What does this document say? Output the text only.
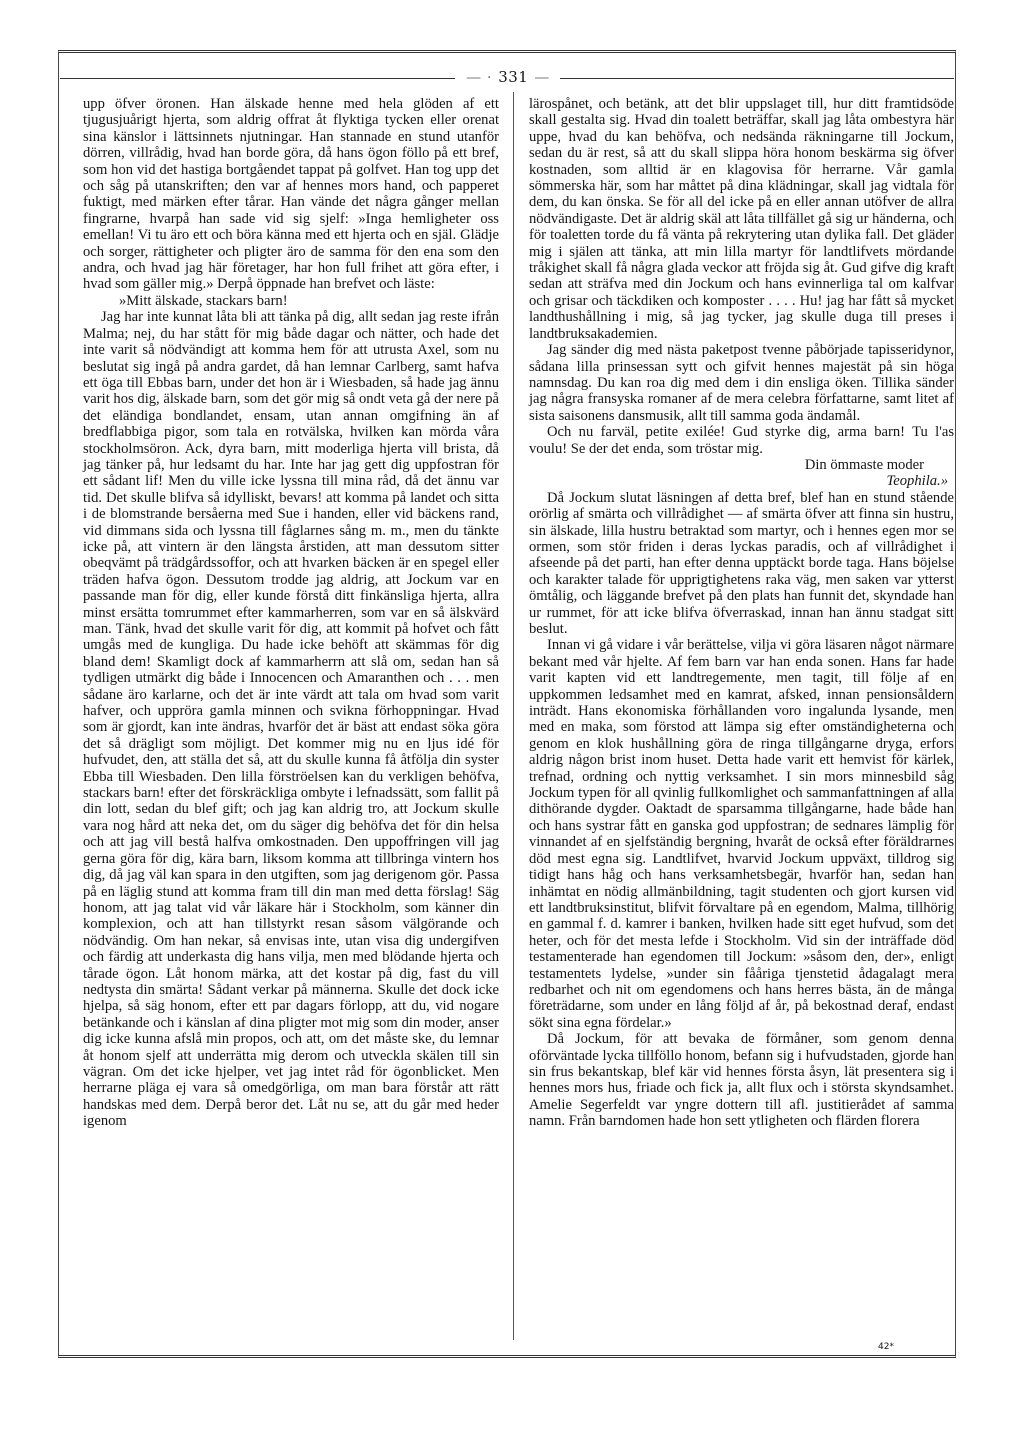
— · 331 —

upp öfver öronen. Han älskade henne med hela glöden af ett tjugusjuårigt hjerta, som aldrig offrat åt flyktiga tycken eller orenat sina känslor i lättsinnets njutningar. Han stannade en stund utanför dörren, villrådig, hvad han borde göra, då hans ögon föllo på ett bref, som hon vid det hastiga bortgåendet tappat på golfvet. Han tog upp det och såg på utanskriften; den var af hennes mors hand, och papperet fuktigt, med märken efter tårar. Han vände det några gånger mellan fingrarne, hvarpå han sade vid sig sjelf: »Inga hemligheter oss emellan! Vi tu äro ett och böra känna med ett hjerta och en själ. Glädje och sorger, rättigheter och pligter äro de samma för den ena som den andra, och hvad jag här företager, har hon full frihet att göra efter, i hvad som gäller mig.» Derpå öppnade han brefvet och läste:

»Mitt älskade, stackars barn!

Jag har inte kunnat låta bli att tänka på dig, allt sedan jag reste ifrån Malma; nej, du har stått för mig både dagar och nätter, och hade det inte varit så nödvändigt att komma hem för att utrusta Axel, som nu beslutat sig ingå på andra gardet, då han lemnar Carlberg, samt hafva ett öga till Ebbas barn, under det hon är i Wiesbaden, så hade jag ännu varit hos dig, älskade barn, som det gör mig så ondt veta gå der nere på det eländiga bondlandet, ensam, utan annan omgifning än af bredflabbiga pigor, som tala en rotvälska, hvilken kan mörda våra stockholmsöron. Ack, dyra barn, mitt moderliga hjerta vill brista, då jag tänker på, hur ledsamt du har. Inte har jag gett dig uppfostran för ett sådant lif! Men du ville icke lyssna till mina råd, då det ännu var tid. Det skulle blifva så idylliskt, bevars! att komma på landet och sitta i de blomstrande bersåerna med Sue i handen, eller vid bäckens rand, vid dimmans sida och lyssna till fåglarnes sång m. m., men du tänkte icke på, att vintern är den längsta årstiden, att man dessutom sitter obeqvämt på trädgårdssoffor, och att hvarken bäcken är en spegel eller träden hafva ögon. Dessutom trodde jag aldrig, att Jockum var en passande man för dig, eller kunde förstå ditt finkänsliga hjerta, allra minst ersätta tomrummet efter kammarherren, som var en så älskvärd man. Tänk, hvad det skulle varit för dig, att kommit på hofvet och fått umgås med de kungliga. Du hade icke behöft att skämmas för dig bland dem! Skamligt dock af kammarherrn att slå om, sedan han så tydligen utmärkt dig både i Innocencen och Amaranthen och . . . men sådane äro karlarne, och det är inte värdt att tala om hvad som varit hafver, och uppröra gamla minnen och svikna förhoppningar. Hvad som är gjordt, kan inte ändras, hvarför det är bäst att endast söka göra det så drägligt som möjligt. Det kommer mig nu en ljus idé för hufvudet, den, att ställa det så, att du skulle kunna få åtfölja din syster Ebba till Wiesbaden. Den lilla förströelsen kan du verkligen behöfva, stackars barn! efter det förskräckliga ombyte i lefnadssätt, som fallit på din lott, sedan du blef gift; och jag kan aldrig tro, att Jockum skulle vara nog hård att neka det, om du säger dig behöfva det för din helsa och att jag vill bestå halfva omkostnaden. Den uppoffringen vill jag gerna göra för dig, kära barn, liksom komma att tillbringa vintern hos dig, då jag väl kan spara in den utgiften, som jag derigenom gör. Passa på en läglig stund att komma fram till din man med detta förslag! Säg honom, att jag talat vid vår läkare här i Stockholm, som känner din komplexion, och att han tillstyrkt resan såsom välgörande och nödvändig. Om han nekar, så envisas inte, utan visa dig undergifven och färdig att underkasta dig hans vilja, men med blödande hjerta och tårade ögon. Låt honom märka, att det kostar på dig, fast du vill nedtysta din smärta! Sådant verkar på männerna. Skulle det dock icke hjelpa, så säg honom, efter ett par dagars förlopp, att du, vid nogare betänkande och i känslan af dina pligter mot mig som din moder, anser dig icke kunna afslå min propos, och att, om det måste ske, du lemnar åt honom sjelf att underrätta mig derom och utveckla skälen till sin vägran. Om det icke hjelper, vet jag intet råd för ögonblicket. Men herrarne pläga ej vara så omedgörliga, om man bara förstår att rätt handskas med dem. Derpå beror det. Låt nu se, att du går med heder igenom

lärospånet, och betänk, att det blir uppslaget till, hur ditt framtidsöde skall gestalta sig. Hvad din toalett beträffar, skall jag låta ombestyra här uppe, hvad du kan behöfva, och nedsända räkningarne till Jockum, sedan du är rest, så att du skall slippa höra honom beskärma sig öfver kostnaden, som alltid är en klagovisa för herrarne. Vår gamla sömmerska här, som har måttet på dina klädningar, skall jag vidtala för dem, du kan önska. Se för all del icke på en eller annan utöfver de allra nödvändigaste. Det är aldrig skäl att låta tillfället gå sig ur händerna, och för toaletten torde du få vänta på rekrytering utan dylika fall. Det gläder mig i själen att tänka, att min lilla martyr för landtlifvets mördande tråkighet skall få några glada veckor att fröjda sig åt. Gud gifve dig kraft sedan att sträfva med din Jockum och hans evinnerliga tal om kalfvar och grisar och täckdiken och komposter . . . . Hu! jag har fått så mycket landthushållning i mig, så jag tycker, jag skulle duga till preses i landtbruksakademien.

Jag sänder dig med nästa paketpost tvenne påbörjade tapisseridynor, sådana lilla prinsessan sytt och gifvit hennes majestät på sin höga namnsdag. Du kan roa dig med dem i din ensliga öken. Tillika sänder jag några fransyska romaner af de mera celebra författarne, samt litet af sista saisonens dansmusik, allt till samma goda ändamål.

Och nu farväl, petite exilée! Gud styrke dig, arma barn! Tu l'as voulu! Se der det enda, som tröstar mig.

Din ömmaste moder

Teophila.»

Då Jockum slutat läsningen af detta bref, blef han en stund stående orörlig af smärta och villrådighet — af smärta öfver att finna sin hustru, sin älskade, lilla hustru betraktad som martyr, och i hennes egen mor se ormen, som stör friden i deras lyckas paradis, och af villrådighet i afseende på det parti, han efter denna upptäckt borde taga. Hans böjelse och karakter talade för upprigtighetens raka väg, men saken var ytterst ömtålig, och läggande brefvet på den plats han funnit det, skyndade han ur rummet, för att icke blifva öfverraskad, innan han ännu stadgat sitt beslut.

Innan vi gå vidare i vår berättelse, vilja vi göra läsaren något närmare bekant med vår hjelte. Af fem barn var han enda sonen. Hans far hade varit kapten vid ett landtregemente, men tagit, till följe af en uppkommen ledsamhet med en kamrat, afsked, innan pensionsåldern inträdt. Hans ekonomiska förhållanden voro ingalunda lysande, men med en maka, som förstod att lämpa sig efter omständigheterna och genom en klok hushållning göra de ringa tillgångarne dryga, erfors aldrig någon brist inom huset. Detta hade varit ett hemvist för kärlek, trefnad, ordning och nyttig verksamhet. I sin mors minnesbild såg Jockum typen för all qvinlig fullkomlighet och sammanfattningen af alla dithörande dygder. Oaktadt de sparsamma tillgångarne, hade både han och hans systrar fått en ganska god uppfostran; de sednares lämplig för vinnandet af en sjelfständig bergning, hvaråt de också efter föräldrarnes död mest egna sig. Landtlifvet, hvarvid Jockum uppväxt, tilldrog sig tidigt hans håg och hans verksamhetsbegär, hvarför han, sedan han inhämtat en nödig allmänbildning, tagit studenten och gjort kursen vid ett landtbruksinstitut, blifvit förvaltare på en egendom, Malma, tillhörig en gammal f. d. kamrer i banken, hvilken hade sitt eget hufvud, som det heter, och för det mesta lefde i Stockholm. Vid sin der inträffade död testamenterade han egendomen till Jockum: »såsom den, der», enligt testamentets lydelse, »under sin fååriga tjenstetid ådagalagt mera redbarhet och nit om egendomens och hans herres bästa, än de många företrädarne, som under en lång följd af år, på bekostnad deraf, endast sökt sina egna fördelar.»

Då Jockum, för att bevaka de förmåner, som genom denna oförväntade lycka tillföllo honom, befann sig i hufvudstaden, gjorde han sin frus bekantskap, blef kär vid hennes första åsyn, lät presentera sig i hennes mors hus, friade och fick ja, allt flux och i största skyndsamhet. Amelie Segerfeldt var yngre dottern till afl. justitierådet af samma namn. Från barndomen hade hon sett ytligheten och flärden florera

42*
